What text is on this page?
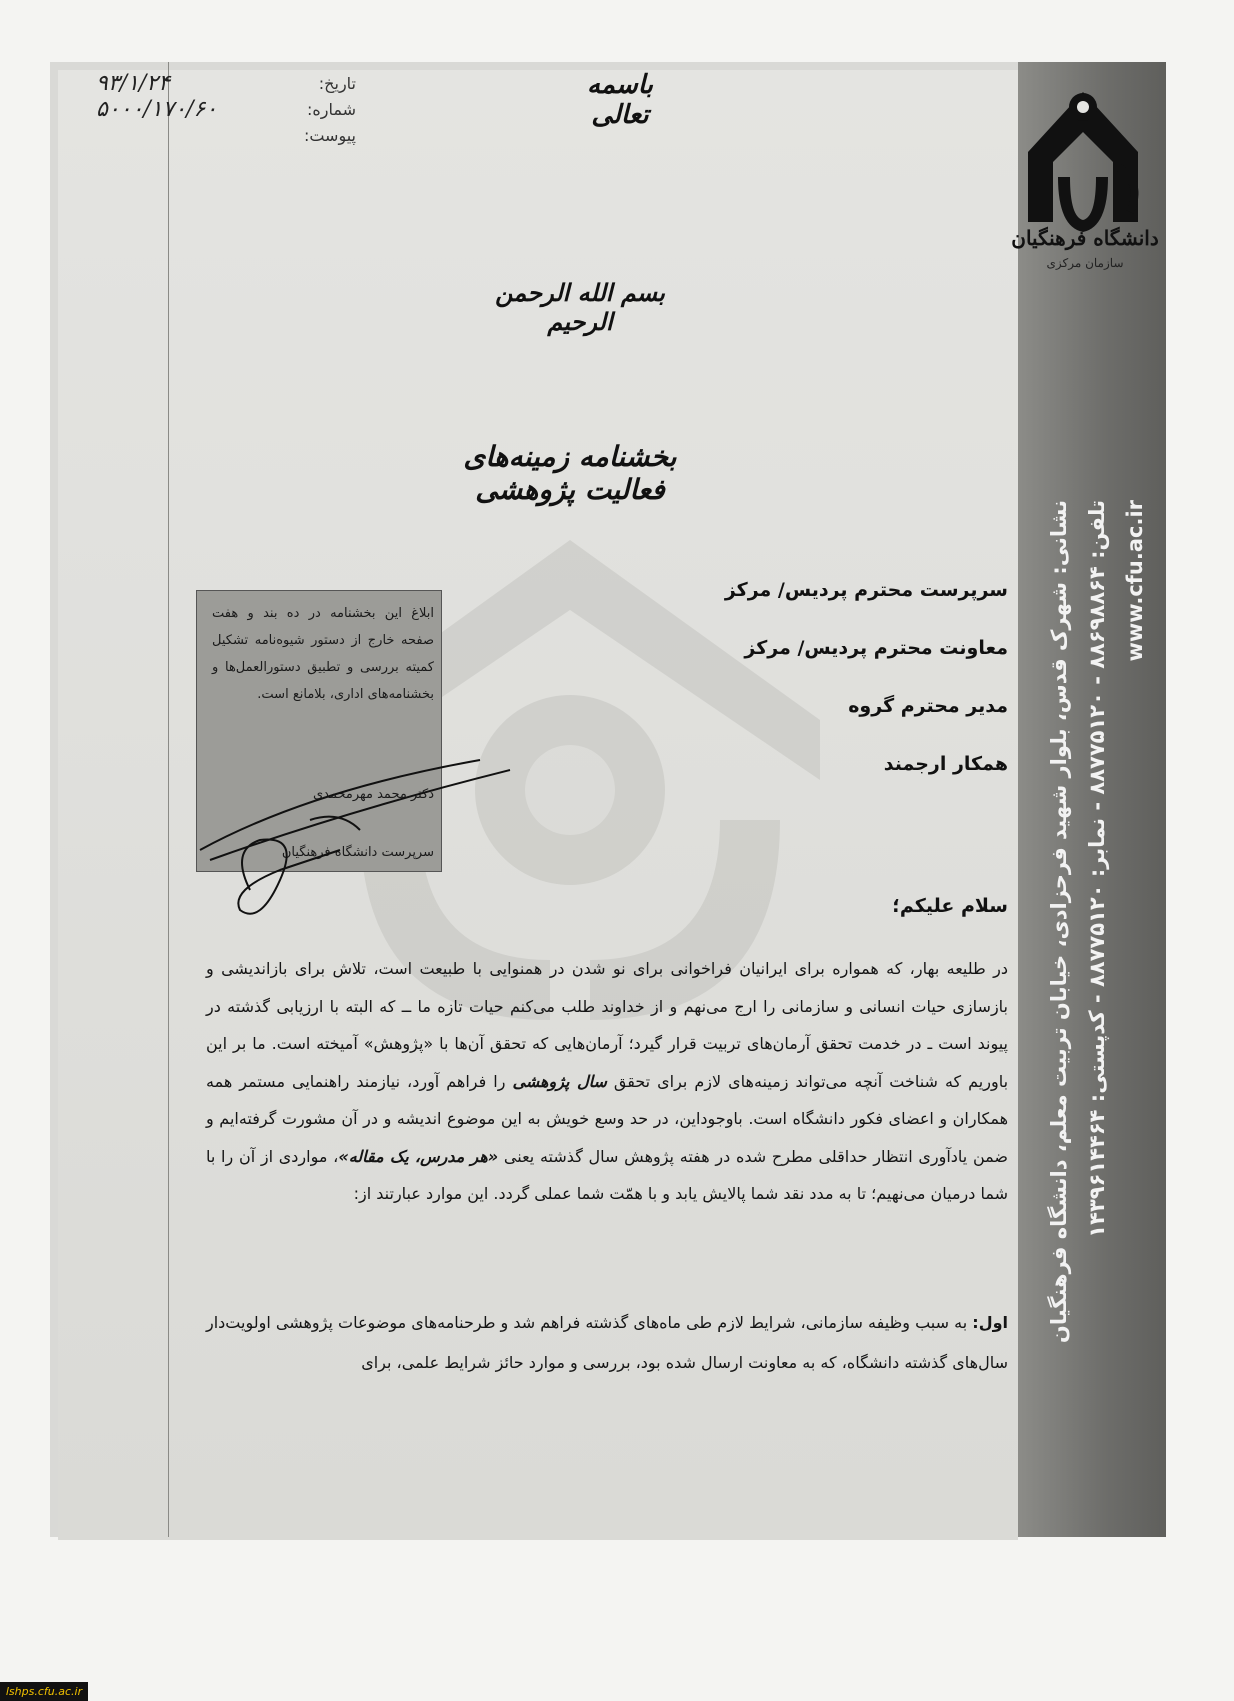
دانشگاه فرهنگیان
سازمان مرکزی
نشانی: شهرک قدس، بلوار شهید فرحزادی، خیابان تربیت معلم، دانشگاه فرهنگیان تلفن: ۸۸۶۹۸۸۶۴ - ۸۸۷۷۵۱۲۰ - نمابر: ۸۸۷۷۵۱۲۰ - کدپستی: ۱۴۳۹۶۱۴۴۶۴ www.cfu.ac.ir
تاریخ:
۹۳/۱/۲۴
شماره:
۵۰۰۰/۱۷۰/۶۰
پیوست:
باسمه تعالی
بسم الله الرحمن الرحیم
بخشنامه زمینه‌های فعالیت پژوهشی
سرپرست محترم پردیس/ مرکز
معاونت محترم پردیس/ مرکز
مدیر محترم گروه
همکار ارجمند
ابلاغ این بخشنامه در ده بند و هفت صفحه خارج از دستور شیوه‌نامه تشکیل کمیته بررسی و تطبیق دستورالعمل‌ها و بخشنامه‌های اداری، بلامانع است.
دکتر محمد مهرمحمدی
سرپرست دانشگاه فرهنگیان
سلام علیکم؛
در طلیعه بهار، که همواره برای ایرانیان فراخوانی برای نو شدن در همنوایی با طبیعت است، تلاش برای بازاندیشی و بازسازی حیات انسانی و سازمانی را ارج می‌نهم و از خداوند طلب می‌کنم حیات تازه ما ــ که البته با ارزیابی گذشته در پیوند است ـ در خدمت تحقق آرمان‌های تربیت قرار گیرد؛ آرمان‌هایی که تحقق آن‌ها با «پژوهش» آمیخته است. ما بر این باوریم که شناخت آنچه می‌تواند زمینه‌های لازم برای تحقق سال پژوهشی را فراهم آورد، نیازمند راهنمایی مستمر همه همکاران و اعضای فکور دانشگاه است. باوجوداین، در حد وسع خویش به این موضوع اندیشه و در آن مشورت گرفته‌ایم و ضمن یادآوری انتظار حداقلی مطرح شده در هفته پژوهش سال گذشته یعنی «هر مدرس، یک مقاله»، مواردی از آن را با شما درمیان می‌نهیم؛ تا به مدد نقد شما پالایش یابد و با همّت شما عملی گردد. این موارد عبارتند از:
اول: به سبب وظیفه سازمانی، شرایط لازم طی ماه‌های گذشته فراهم شد و طرحنامه‌های موضوعات پژوهشی اولویت‌دار سال‌های گذشته دانشگاه، که به معاونت ارسال شده بود، بررسی و موارد حائز شرایط علمی، برای
lshps.cfu.ac.ir
